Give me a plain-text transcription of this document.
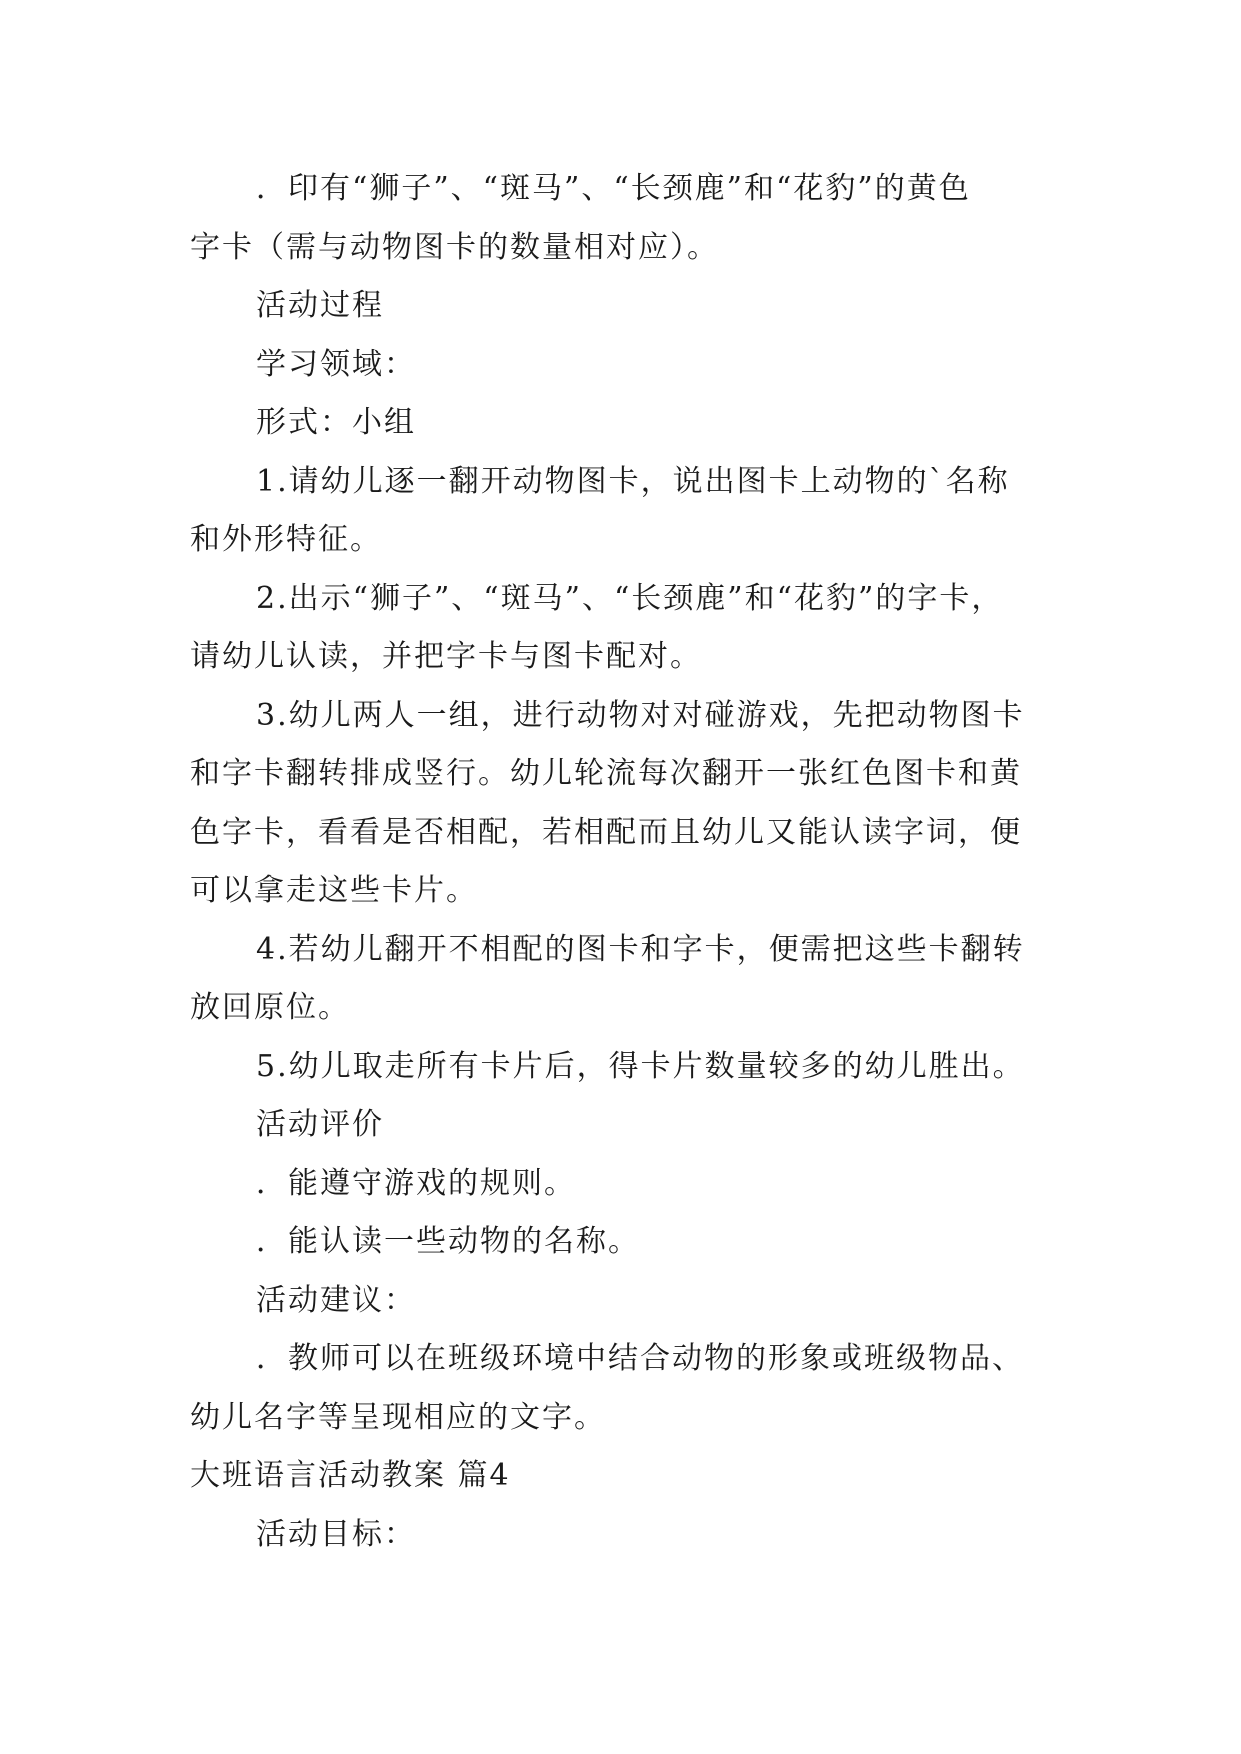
．印有“狮子”、“斑马”、“长颈鹿”和“花豹”的黄色
字卡（需与动物图卡的数量相对应）。
活动过程
学习领域：
形式：小组
1.请幼儿逐一翻开动物图卡，说出图卡上动物的`名称
和外形特征。
2.出示“狮子”、“斑马”、“长颈鹿”和“花豹”的字卡，
请幼儿认读，并把字卡与图卡配对。
3.幼儿两人一组，进行动物对对碰游戏，先把动物图卡
和字卡翻转排成竖行。幼儿轮流每次翻开一张红色图卡和黄
色字卡，看看是否相配，若相配而且幼儿又能认读字词，便
可以拿走这些卡片。
4.若幼儿翻开不相配的图卡和字卡，便需把这些卡翻转
放回原位。
5.幼儿取走所有卡片后，得卡片数量较多的幼儿胜出。
活动评价
．能遵守游戏的规则。
．能认读一些动物的名称。
活动建议：
．教师可以在班级环境中结合动物的形象或班级物品、
幼儿名字等呈现相应的文字。
大班语言活动教案 篇4
活动目标：
